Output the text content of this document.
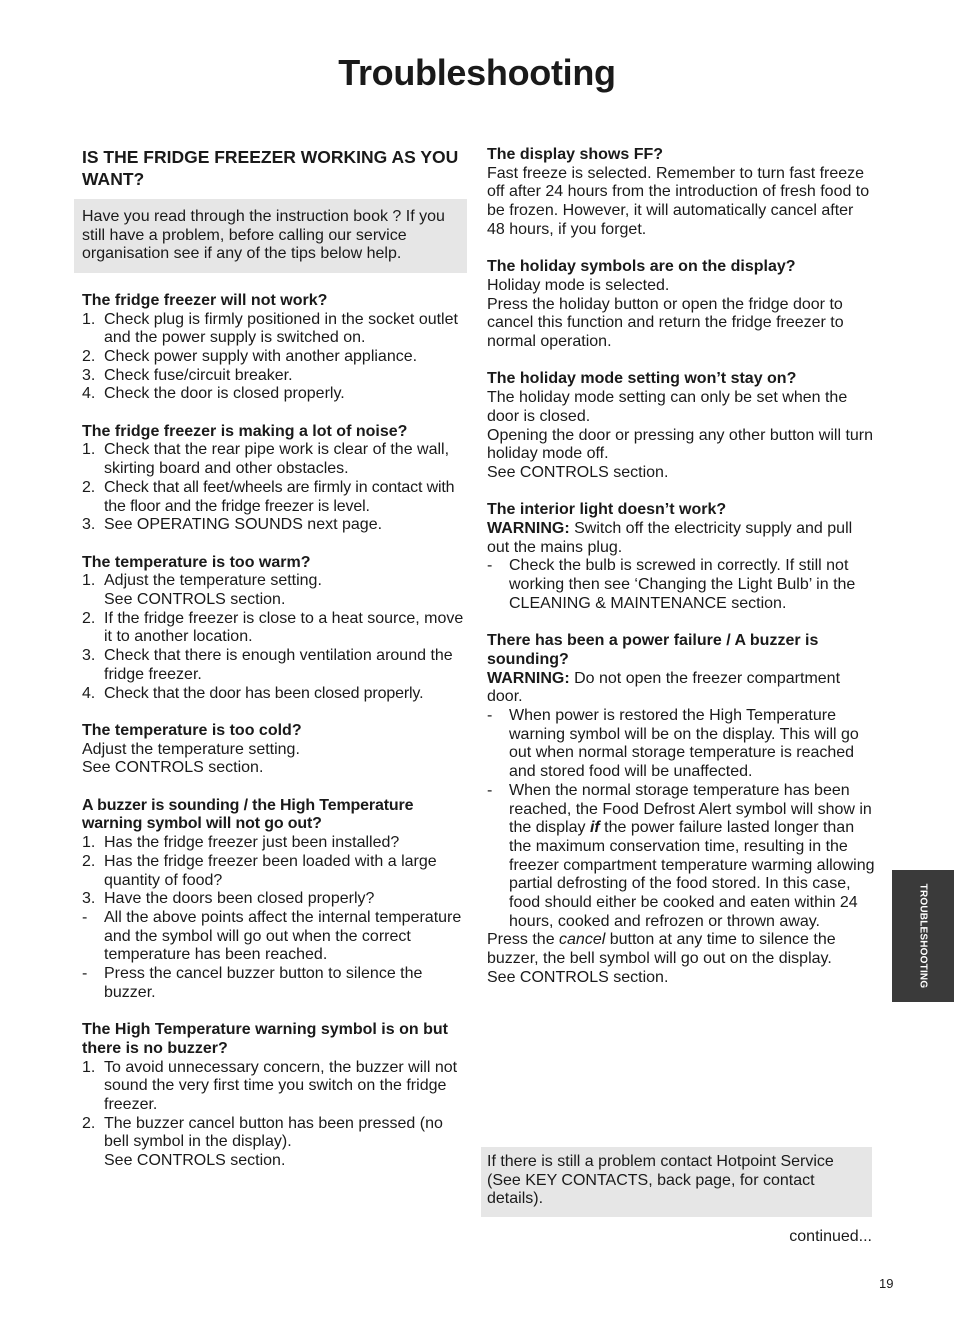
Troubleshooting
IS THE FRIDGE FREEZER WORKING AS YOU WANT?
Have you read through the instruction book ? If you still have a problem, before calling our service organisation see if any of the tips below help.
The fridge freezer will not work?
1. Check plug is firmly positioned in the socket outlet and the power supply is switched on.
2. Check power supply with another appliance.
3. Check fuse/circuit breaker.
4. Check the door is closed properly.
The fridge freezer is making a lot of noise?
1. Check that the rear pipe work is clear of the wall, skirting board and other obstacles.
2. Check that all feet/wheels are firmly in contact with the floor and the fridge freezer is level.
3. See OPERATING SOUNDS next page.
The temperature is too warm?
1. Adjust the temperature setting.
See CONTROLS section.
2. If the fridge freezer is close to a heat source, move it to another location.
3. Check that there is enough ventilation around the fridge freezer.
4. Check that the door has been closed properly.
The temperature is too cold?
Adjust the temperature setting.
See CONTROLS section.
A buzzer is sounding / the High Temperature warning symbol will not go out?
1. Has the fridge freezer just been installed?
2. Has the fridge freezer been loaded with a large quantity of food?
3. Have the doors been closed properly?
- All the above points affect the internal temperature and the symbol will go out when the correct temperature has been reached.
- Press the cancel buzzer button to silence the buzzer.
The High Temperature warning symbol is on but there is no buzzer?
1. To avoid unnecessary concern, the buzzer will not sound the very first time you switch on the fridge freezer.
2. The buzzer cancel button has been pressed (no bell symbol in the display).
See CONTROLS section.
The display shows FF?
Fast freeze is selected. Remember to turn fast freeze off after 24 hours from the introduction of fresh food to be frozen. However, it will automatically cancel after 48 hours, if you forget.
The holiday symbols are on the display?
Holiday mode is selected.
Press the holiday button or open the fridge door to cancel this function and return the fridge freezer to normal operation.
The holiday mode setting won’t stay on?
The holiday mode setting can only be set when the door is closed.
Opening the door or pressing any other button will turn holiday mode off.
See CONTROLS section.
The interior light doesn’t work?
WARNING: Switch off the electricity supply and pull out the mains plug.
- Check the bulb is screwed in correctly. If still not working then see ‘Changing the Light Bulb’ in the CLEANING & MAINTENANCE section.
There has been a power failure / A buzzer is sounding?
WARNING: Do not open the freezer compartment door.
- When power is restored the High Temperature warning symbol will be on the display. This will go out when normal storage temperature is reached and stored food will be unaffected.
- When the normal storage temperature has been reached, the Food Defrost Alert symbol will show in the display if the power failure lasted longer than the maximum conservation time, resulting in the freezer compartment temperature warming allowing partial defrosting of the food stored. In this case, food should either be cooked and eaten within 24 hours, cooked and refrozen or thrown away.
Press the cancel button at any time to silence the buzzer, the bell symbol will go out on the display.
See CONTROLS section.
If there is still a problem contact Hotpoint Service (See KEY CONTACTS, back page, for contact details).
continued...
TROUBLESHOOTING
19
